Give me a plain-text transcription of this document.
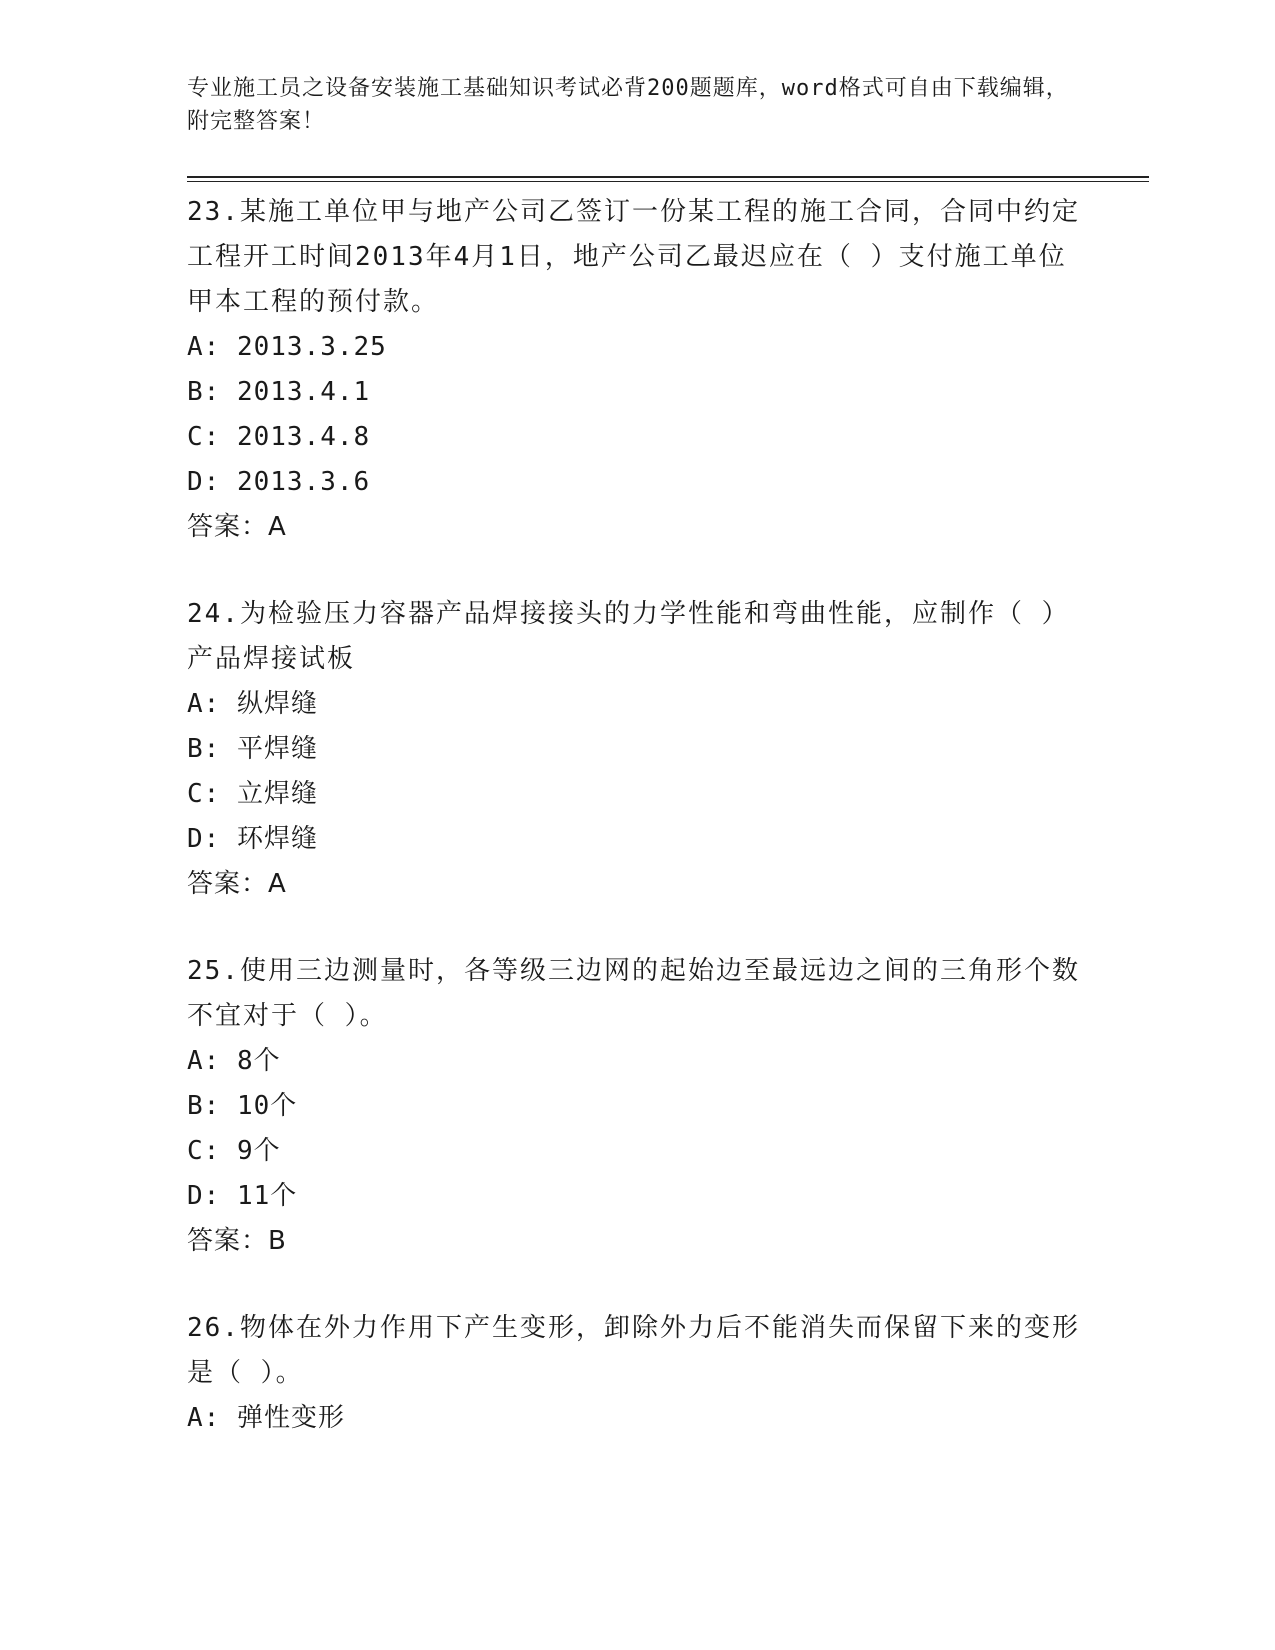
专业施工员之设备安装施工基础知识考试必背200题题库，word格式可自由下载编辑，附完整答案！

23.某施工单位甲与地产公司乙签订一份某工程的施工合同，合同中约定工程开工时间2013年4月1日，地产公司乙最迟应在（ ）支付施工单位甲本工程的预付款。

A: 2013.3.25

B: 2013.4.1

C: 2013.4.8

D: 2013.3.6

答案：A

24.为检验压力容器产品焊接接头的力学性能和弯曲性能，应制作（ ）产品焊接试板

A: 纵焊缝

B: 平焊缝

C: 立焊缝

D: 环焊缝

答案：A

25.使用三边测量时，各等级三边网的起始边至最远边之间的三角形个数不宜对于（ ）。

A: 8个

B: 10个

C: 9个

D: 11个

答案：B

26.物体在外力作用下产生变形，卸除外力后不能消失而保留下来的变形是（ ）。

A: 弹性变形
